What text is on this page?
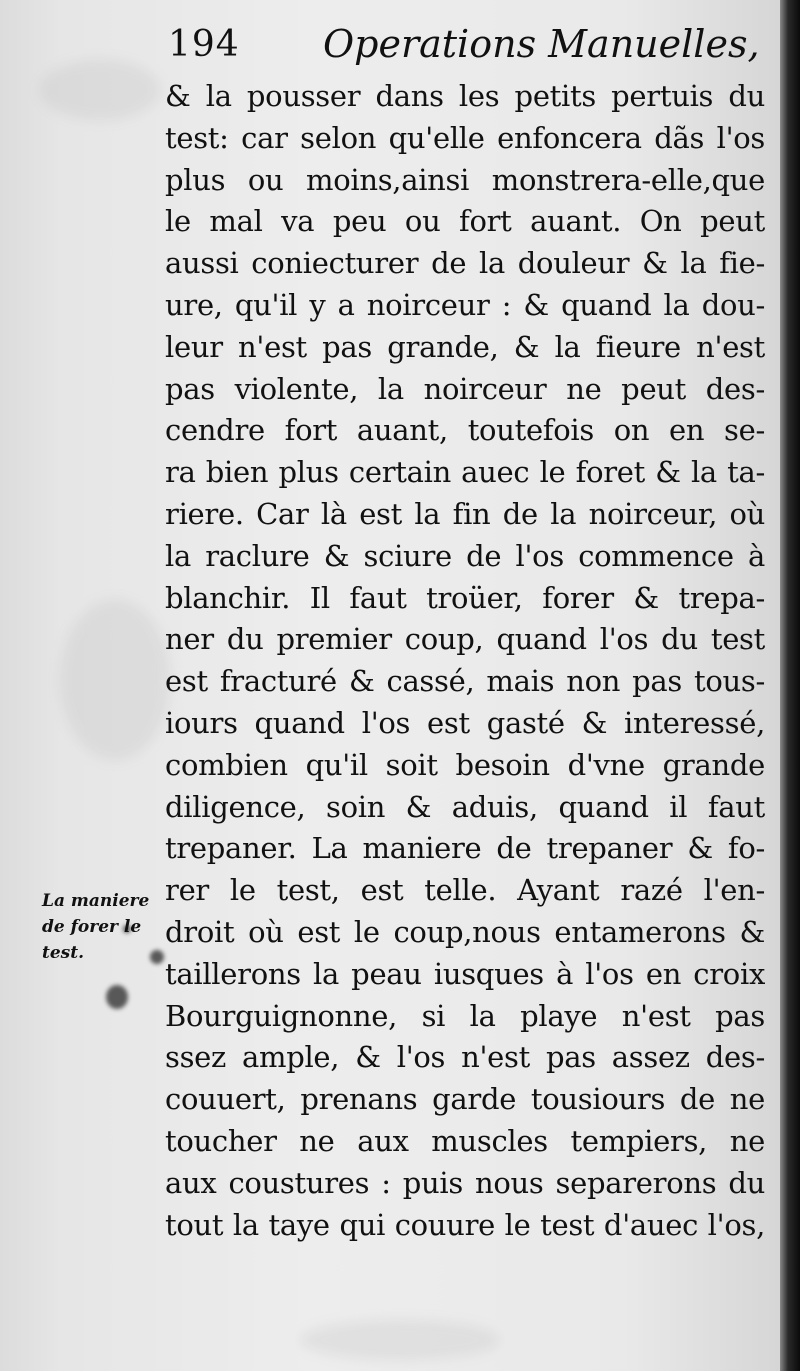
194 Operations Manuelles,
& la pousser dans les petits pertuis du
test: car selon qu'elle enfoncera dãs l'os
plus ou moins,ainsi monstrera-elle,que
le mal va peu ou fort auant. On peut
aussi coniecturer de la douleur & la fie-
ure, qu'il y a noirceur : & quand la dou-
leur n'est pas grande, & la fieure n'est
pas violente, la noirceur ne peut des-
cendre fort auant, toutefois on en se-
ra bien plus certain auec le foret & la ta-
riere. Car là est la fin de la noirceur, où
la raclure & sciure de l'os commence à
blanchir. Il faut troüer, forer & trepa-
ner du premier coup, quand l'os du test
est fracturé & cassé, mais non pas tous-
iours quand l'os est gasté & interessé,
combien qu'il soit besoin d'vne grande
diligence, soin & aduis, quand il faut
trepaner. La maniere de trepaner & fo-
rer le test, est telle. Ayant razé l'en-
droit où est le coup,nous entamerons &
taillerons la peau iusques à l'os en croix
Bourguignonne, si la playe n'est pas
ssez ample, & l'os n'est pas assez des-
couuert, prenans garde tousiours de ne
toucher ne aux muscles tempiers, ne
aux coustures : puis nous separerons du
tout la taye qui couure le test d'auec l'os,
La maniere
de forer le
test.
